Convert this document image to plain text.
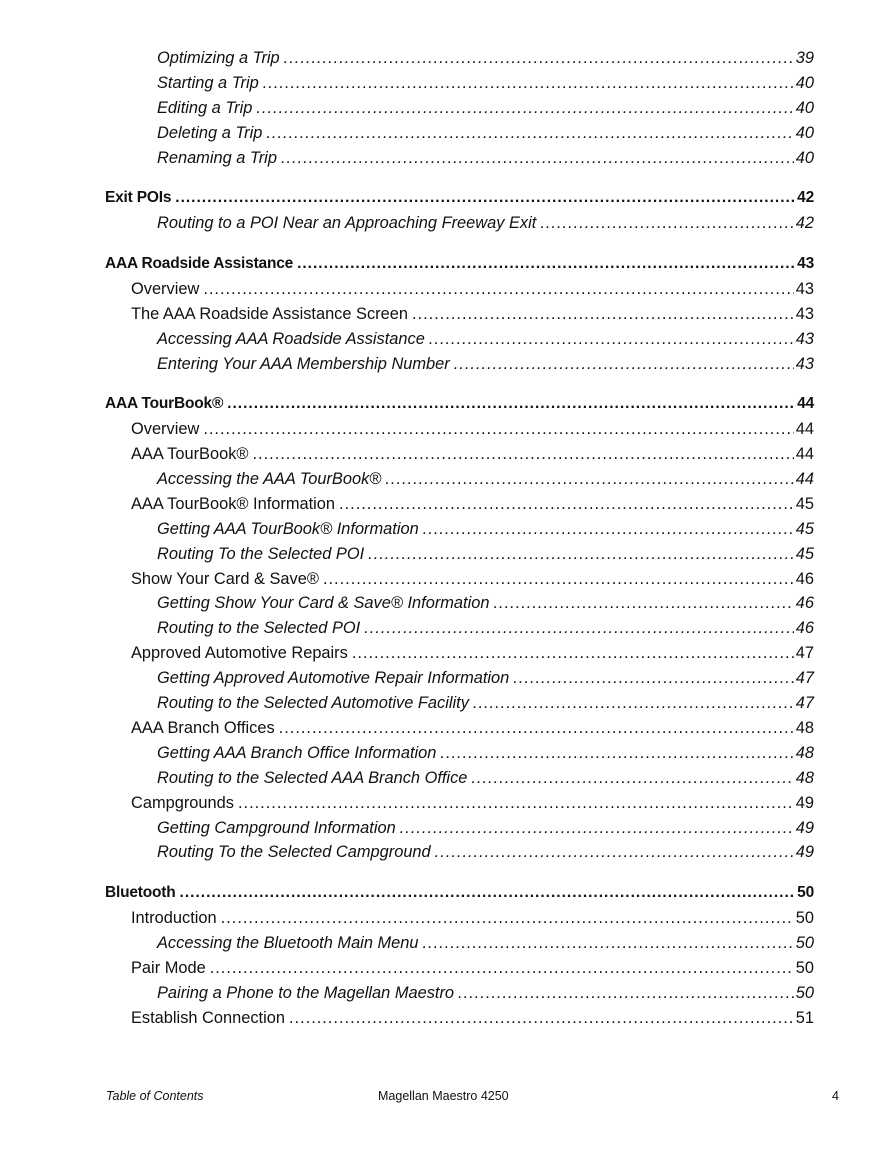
Optimizing a Trip .....	39
Starting a Trip .....	40
Editing a Trip .....	40
Deleting a Trip .....	40
Renaming a Trip .....	40
Exit POIs .....	42
Routing to a POI Near an Approaching Freeway Exit .....	42
AAA Roadside Assistance .....	43
Overview .....	43
The AAA Roadside Assistance Screen .....	43
Accessing AAA Roadside Assistance .....	43
Entering Your AAA Membership Number .....	43
AAA TourBook® .....	44
Overview .....	44
AAA TourBook® .....	44
Accessing the AAA TourBook® .....	44
AAA TourBook® Information .....	45
Getting AAA TourBook® Information .....	45
Routing To the Selected POI .....	45
Show Your Card & Save® .....	46
Getting Show Your Card & Save® Information .....	46
Routing to the Selected POI .....	46
Approved Automotive Repairs .....	47
Getting Approved Automotive Repair Information .....	47
Routing to the Selected Automotive Facility .....	47
AAA Branch Offices .....	48
Getting AAA Branch Office Information .....	48
Routing to the Selected AAA Branch Office .....	48
Campgrounds .....	49
Getting Campground Information .....	49
Routing To the Selected Campground .....	49
Bluetooth .....	50
Introduction .....	50
Accessing the Bluetooth Main Menu .....	50
Pair Mode .....	50
Pairing a Phone to the Magellan Maestro .....	50
Establish Connection .....	51
Table of Contents	Magellan Maestro 4250	4
